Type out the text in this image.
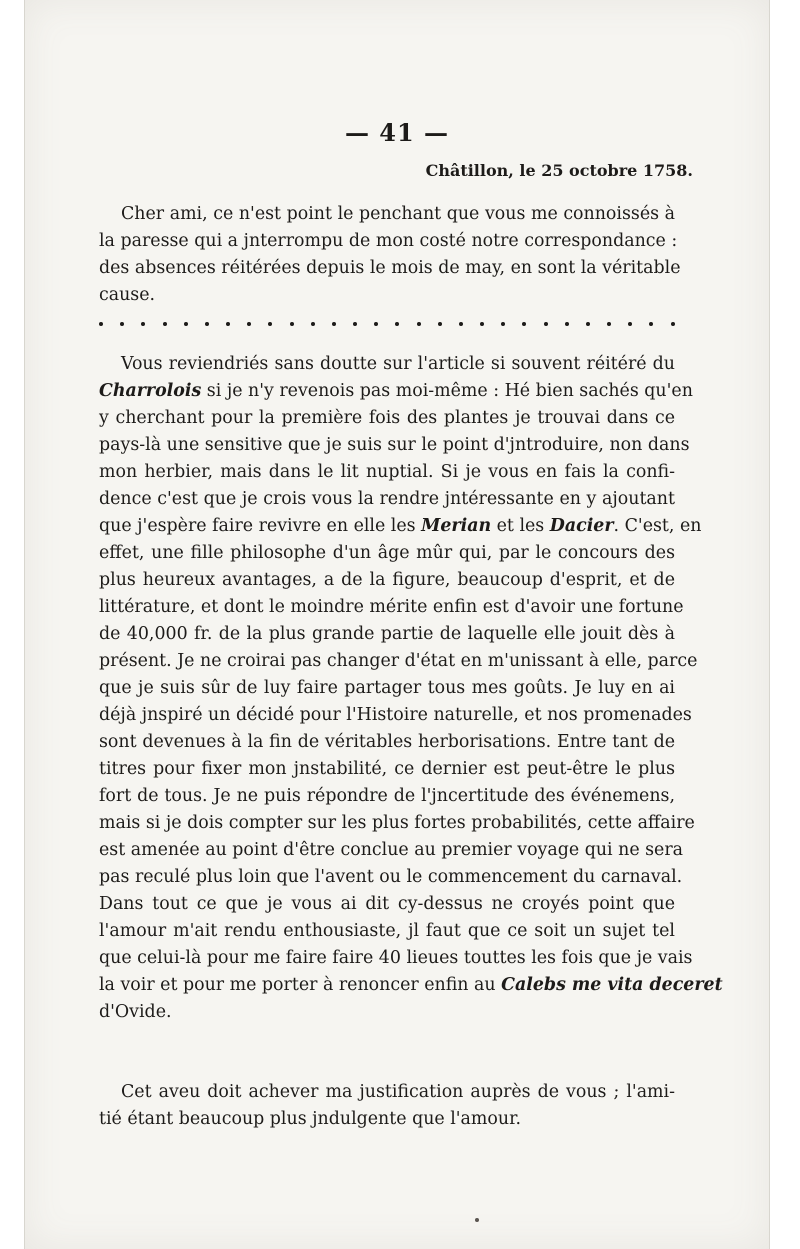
— 41 —
Châtillon, le 25 octobre 1758.
Cher ami, ce n'est point le penchant que vous me connoissés à
la paresse qui a jnterrompu de mon costé notre correspondance :
des absences réitérées depuis le mois de may, en sont la véritable
cause.
Vous reviendriés sans doutte sur l'article si souvent réitéré du
Charrolois si je n'y revenois pas moi-même : Hé bien sachés qu'en
y cherchant pour la première fois des plantes je trouvai dans ce
pays-là une sensitive que je suis sur le point d'jntroduire, non dans
mon herbier, mais dans le lit nuptial. Si je vous en fais la confi-
dence c'est que je crois vous la rendre jntéressante en y ajoutant
que j'espère faire revivre en elle les Merian et les Dacier. C'est, en
effet, une fille philosophe d'un âge mûr qui, par le concours des
plus heureux avantages, a de la figure, beaucoup d'esprit, et de
littérature, et dont le moindre mérite enfin est d'avoir une fortune
de 40,000 fr. de la plus grande partie de laquelle elle jouit dès à
présent. Je ne croirai pas changer d'état en m'unissant à elle, parce
que je suis sûr de luy faire partager tous mes goûts. Je luy en ai
déjà jnspiré un décidé pour l'Histoire naturelle, et nos promenades
sont devenues à la fin de véritables herborisations. Entre tant de
titres pour fixer mon jnstabilité, ce dernier est peut-être le plus
fort de tous. Je ne puis répondre de l'jncertitude des événemens,
mais si je dois compter sur les plus fortes probabilités, cette affaire
est amenée au point d'être conclue au premier voyage qui ne sera
pas reculé plus loin que l'avent ou le commencement du carnaval.
Dans tout ce que je vous ai dit cy-dessus ne croyés point que
l'amour m'ait rendu enthousiaste, jl faut que ce soit un sujet tel
que celui-là pour me faire faire 40 lieues touttes les fois que je vais
la voir et pour me porter à renoncer enfin au Calebs me vita deceret
d'Ovide.
Cet aveu doit achever ma justification auprès de vous ; l'ami-
tié étant beaucoup plus jndulgente que l'amour.
